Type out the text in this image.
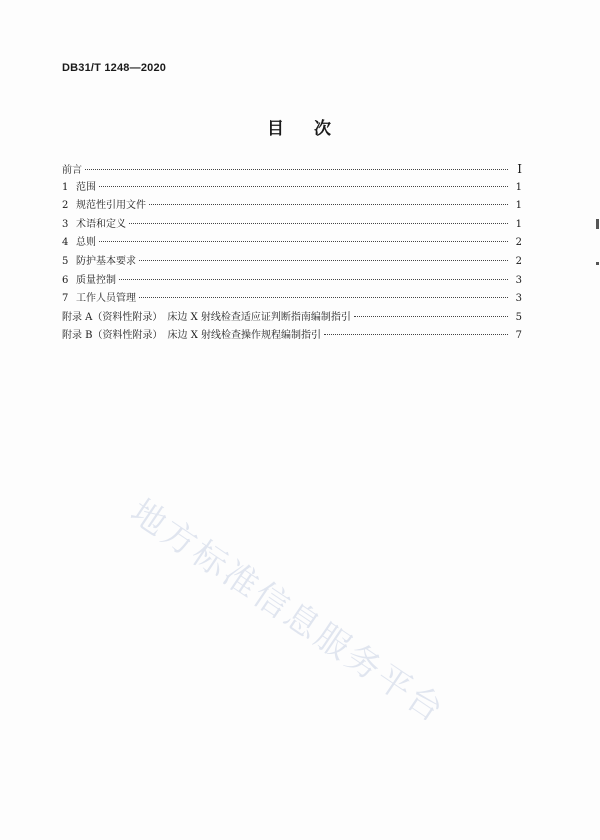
DB31/T 1248—2020
目 次
前言	I
1 范围	1
2 规范性引用文件	1
3 术语和定义	1
4 总则	2
5 防护基本要求	2
6 质量控制	3
7 工作人员管理	3
附录 A（资料性附录）　床边 X 射线检查适应证判断指南编制指引	5
附录 B（资料性附录）　床边 X 射线检查操作规程编制指引	7
地方标准信息服务平台
